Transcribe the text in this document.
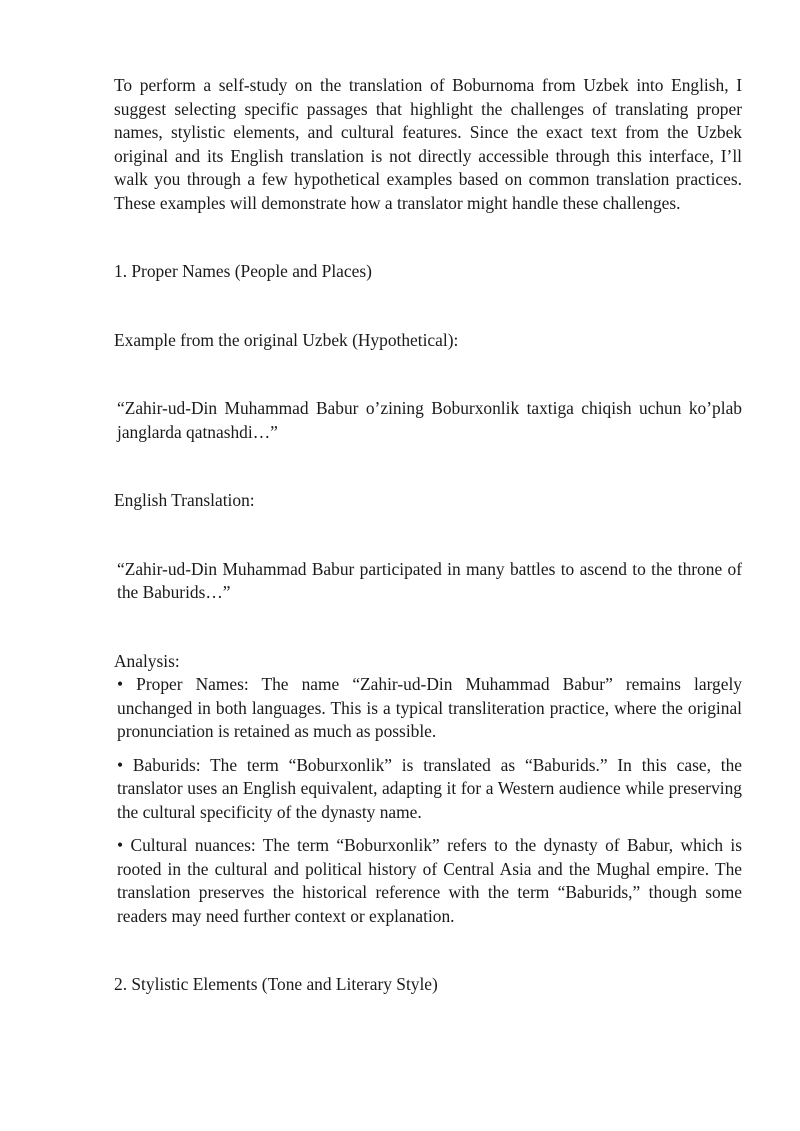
To perform a self-study on the translation of Boburnoma from Uzbek into English, I suggest selecting specific passages that highlight the challenges of translating proper names, stylistic elements, and cultural features. Since the exact text from the Uzbek original and its English translation is not directly accessible through this interface, I’ll walk you through a few hypothetical examples based on common translation practices. These examples will demonstrate how a translator might handle these challenges.

1. Proper Names (People and Places)

Example from the original Uzbek (Hypothetical):

“Zahir-ud-Din Muhammad Babur o’zining Boburxonlik taxtiga chiqish uchun ko’plab janglarda qatnashdi…”

English Translation:

“Zahir-ud-Din Muhammad Babur participated in many battles to ascend to the throne of the Baburids…”

Analysis:

• Proper Names: The name “Zahir-ud-Din Muhammad Babur” remains largely unchanged in both languages. This is a typical transliteration practice, where the original pronunciation is retained as much as possible.

• Baburids: The term “Boburxonlik” is translated as “Baburids.” In this case, the translator uses an English equivalent, adapting it for a Western audience while preserving the cultural specificity of the dynasty name.

• Cultural nuances: The term “Boburxonlik” refers to the dynasty of Babur, which is rooted in the cultural and political history of Central Asia and the Mughal empire. The translation preserves the historical reference with the term “Baburids,” though some readers may need further context or explanation.

2. Stylistic Elements (Tone and Literary Style)
